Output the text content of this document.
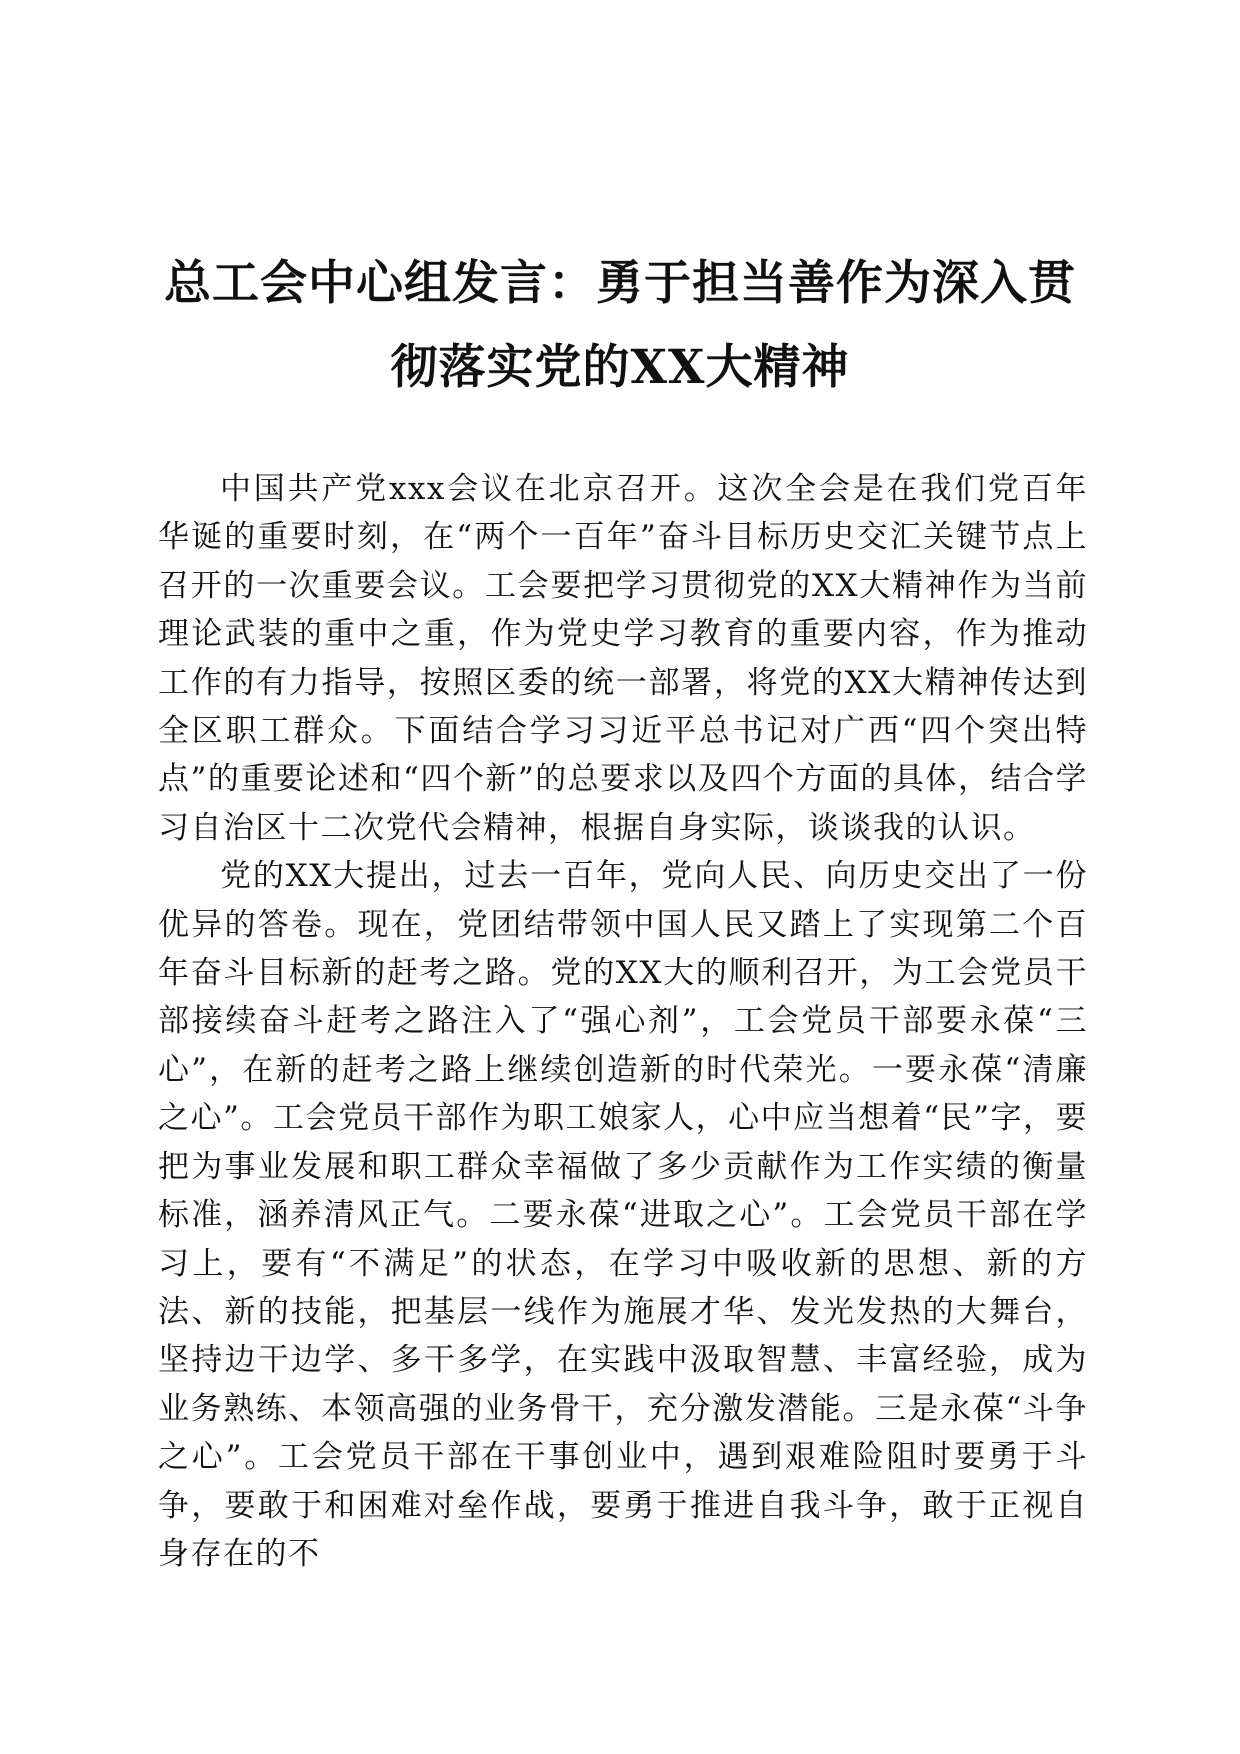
总工会中心组发言：勇于担当善作为深入贯彻落实党的XX大精神

中国共产党xxx会议在北京召开。这次全会是在我们党百年华诞的重要时刻，在“两个一百年”奋斗目标历史交汇关键节点上召开的一次重要会议。工会要把学习贯彻党的XX大精神作为当前理论武装的重中之重，作为党史学习教育的重要内容，作为推动工作的有力指导，按照区委的统一部署，将党的XX大精神传达到全区职工群众。下面结合学习习近平总书记对广西“四个突出特点”的重要论述和“四个新”的总要求以及四个方面的具体，结合学习自治区十二次党代会精神，根据自身实际，谈谈我的认识。

党的XX大提出，过去一百年，党向人民、向历史交出了一份优异的答卷。现在，党团结带领中国人民又踏上了实现第二个百年奋斗目标新的赶考之路。党的XX大的顺利召开，为工会党员干部接续奋斗赶考之路注入了“强心剂”，工会党员干部要永葆“三心”，在新的赶考之路上继续创造新的时代荣光。一要永葆“清廉之心”。工会党员干部作为职工娘家人，心中应当想着“民”字，要把为事业发展和职工群众幸福做了多少贡献作为工作实绩的衡量标准，涵养清风正气。二要永葆“进取之心”。工会党员干部在学习上，要有“不满足”的状态，在学习中吸收新的思想、新的方法、新的技能，把基层一线作为施展才华、发光发热的大舞台，坚持边干边学、多干多学，在实践中汲取智慧、丰富经验，成为业务熟练、本领高强的业务骨干，充分激发潜能。三是永葆“斗争之心”。工会党员干部在干事创业中，遇到艰难险阻时要勇于斗争，要敢于和困难对垒作战，要勇于推进自我斗争，敢于正视自身存在的不
